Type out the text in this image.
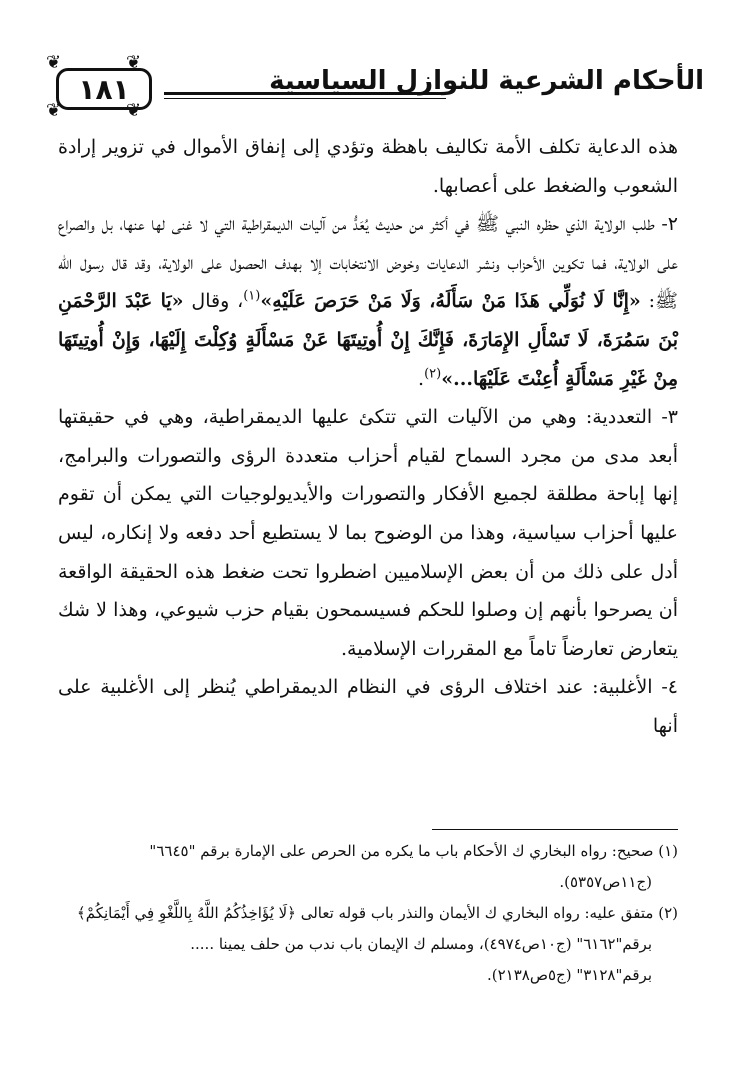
١٨١
❦	❦
❦	❦
الأحكام الشرعية للنوازل السياسية

هذه الدعاية تكلف الأمة تكاليف باهظة وتؤدي إلى إنفاق الأموال في تزوير إرادة الشعوب والضغط على أعصابها.

٢- طلب الولاية الذي حظره النبي ﷺ في أكثر من حديث يُعَدُّ من آليات الديمقراطية التي لا غنى لها عنها، بل والصراع على الولاية، فما تكوين الأحزاب ونشر الدعايات وخوض الانتخابات إلا بهدف الحصول على الولاية، وقد قال رسول الله ﷺ: «إِنَّا لَا نُوَلِّي هَذَا مَنْ سَأَلَهُ، وَلَا مَنْ حَرَصَ عَلَيْهِ»$^{(١)}$، وقال «يَا عَبْدَ الرَّحْمَنِ بْنَ سَمُرَةَ، لَا تَسْأَلِ الإِمَارَةَ، فَإِنَّكَ إِنْ أُوتِيتَهَا عَنْ مَسْأَلَةٍ وُكِلْتَ إِلَيْهَا، وَإِنْ أُوتِيتَهَا مِنْ غَيْرِ مَسْأَلَةٍ أُعِنْتَ عَلَيْهَا...»$^{(٢)}$.

٣- التعددية: وهي من الآليات التي تتكئ عليها الديمقراطية، وهي في حقيقتها أبعد مدى من مجرد السماح لقيام أحزاب متعددة الرؤى والتصورات والبرامج، إنها إباحة مطلقة لجميع الأفكار والتصورات والأيديولوجيات التي يمكن أن تقوم عليها أحزاب سياسية، وهذا من الوضوح بما لا يستطيع أحد دفعه ولا إنكاره، ليس أدل على ذلك من أن بعض الإسلاميين اضطروا تحت ضغط هذه الحقيقة الواقعة أن يصرحوا بأنهم إن وصلوا للحكم فسيسمحون بقيام حزب شيوعي، وهذا لا شك يتعارض تعارضاً تاماً مع المقررات الإسلامية.

٤- الأغلبية: عند اختلاف الرؤى في النظام الديمقراطي يُنظر إلى الأغلبية على أنها

(١) صحيح: رواه البخاري ك الأحكام باب ما يكره من الحرص على الإمارة برقم "٦٦٤٥"

(ج١١ص٥٣٥٧).

(٢) متفق عليه: رواه البخاري ك الأيمان والنذر باب قوله تعالى ﴿لَا يُؤَاخِذُكُمُ اللَّهُ بِاللَّغْوِ فِي أَيْمَانِكُمْ﴾

برقم"٦١٦٢" (ج١٠ص٤٩٧٤)، ومسلم ك الإيمان باب ندب من حلف يمينا .....

برقم"٣١٢٨" (ج٥ص٢١٣٨).
